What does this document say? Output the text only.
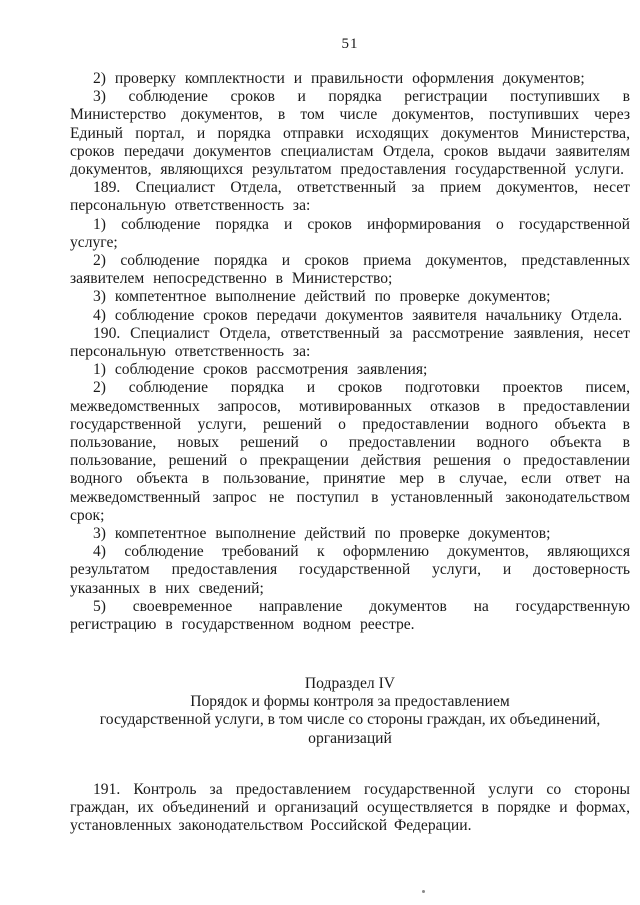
51

2) проверку комплектности и правильности оформления документов;

3) соблюдение сроков и порядка регистрации поступивших в Министерство документов, в том числе документов, поступивших через Единый портал, и порядка отправки исходящих документов Министерства, сроков передачи документов специалистам Отдела, сроков выдачи заявителям документов, являющихся результатом предоставления государственной услуги.

189. Специалист Отдела, ответственный за прием документов, несет персональную ответственность за:

1) соблюдение порядка и сроков информирования о государственной услуге;

2) соблюдение порядка и сроков приема документов, представленных заявителем непосредственно в Министерство;

3) компетентное выполнение действий по проверке документов;

4) соблюдение сроков передачи документов заявителя начальнику Отдела.

190. Специалист Отдела, ответственный за рассмотрение заявления, несет персональную ответственность за:

1) соблюдение сроков рассмотрения заявления;

2) соблюдение порядка и сроков подготовки проектов писем, межведомственных запросов, мотивированных отказов в предоставлении государственной услуги, решений о предоставлении водного объекта в пользование, новых решений о предоставлении водного объекта в пользование, решений о прекращении действия решения о предоставлении водного объекта в пользование, принятие мер в случае, если ответ на межведомственный запрос не поступил в установленный законодательством срок;

3) компетентное выполнение действий по проверке документов;

4) соблюдение требований к оформлению документов, являющихся результатом предоставления государственной услуги, и достоверность указанных в них сведений;

5) своевременное направление документов на государственную регистрацию в государственном водном реестре.

Подраздел IV
Порядок и формы контроля за предоставлением
государственной услуги, в том числе со стороны граждан, их объединений,
организаций

191. Контроль за предоставлением государственной услуги со стороны граждан, их объединений и организаций осуществляется в порядке и формах, установленных законодательством Российской Федерации.
